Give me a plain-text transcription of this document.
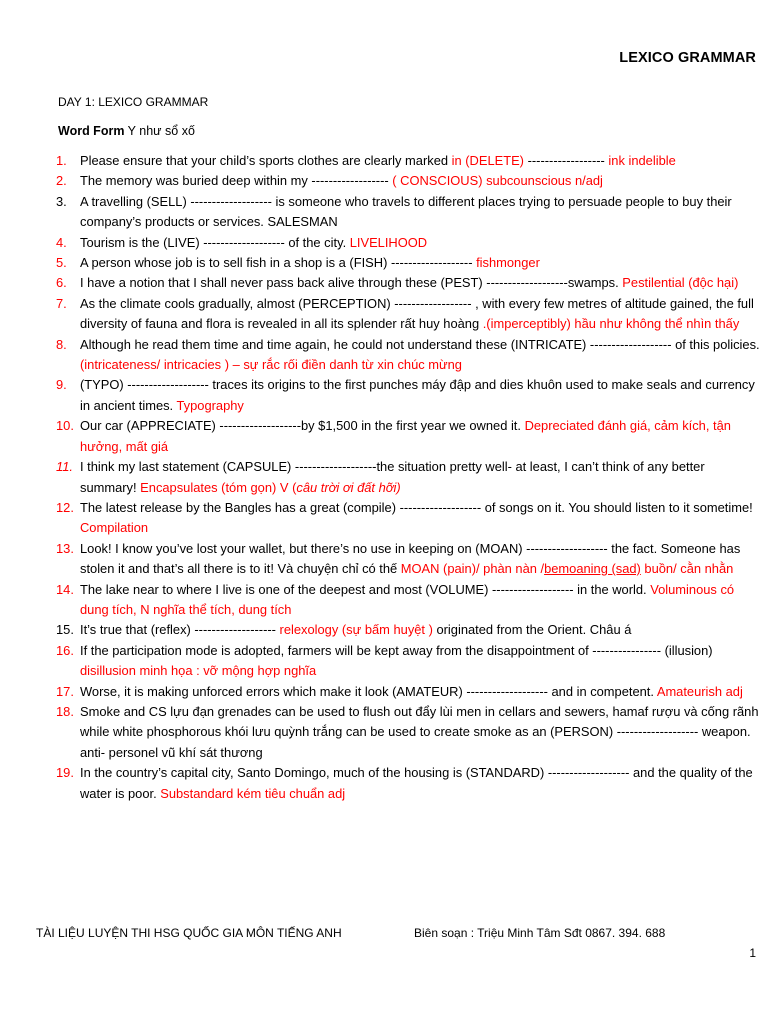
LEXICO GRAMMAR
DAY 1: LEXICO GRAMMAR
Word Form Y như sổ xố
1. Please ensure that your child’s sports clothes are clearly marked in (DELETE) ------------------ ink indelible
2. The memory was buried deep within my ------------------ ( CONSCIOUS) subcounscious n/adj
3. A travelling (SELL) ------------------- is someone who travels to different places trying to persuade people to buy their company’s products or services. SALESMAN
4. Tourism is the (LIVE) ------------------- of the city. LIVELIHOOD
5. A person whose job is to sell fish in a shop is a (FISH) ------------------- fishmonger
6. I have a notion that I shall never pass back alive through these (PEST) -------------------swamps. Pestilential (độc hại)
7. As the climate cools gradually, almost (PERCEPTION) ------------------ , with every few metres of altitude gained, the full diversity of fauna and flora is revealed in all its splender rất huy hoàng .(imperceptibly) hầu như không thể nhìn thấy
8. Although he read them time and time again, he could not understand these (INTRICATE) ------------------- of this policies. (intricateness/ intricacies ) – sự rắc rối điền danh từ xin chúc mừng
9. (TYPO) ------------------- traces its origins to the first punches máy đập and dies khuôn used to make seals and currency in ancient times. Typography
10. Our car (APPRECIATE) -------------------by $1,500 in the first year we owned it. Depreciated đánh giá, cảm kích, tận hưởng, mất giá
11. I think my last statement (CAPSULE) -------------------the situation pretty well- at least, I can’t think of any better summary! Encapsulates (tóm gọn) V (câu trời ơi đất hỡi)
12. The latest release by the Bangles has a great (compile) ------------------- of songs on it. You should listen to it sometime! Compilation
13. Look! I know you’ve lost your wallet, but there’s no use in keeping on (MOAN) ------------------- the fact. Someone has stolen it and that’s all there is to it! Và chuyện chỉ có thế MOAN (pain)/ phàn nàn /bemoaning (sad) buồn/ cằn nhằn
14. The lake near to where I live is one of the deepest and most (VOLUME) ------------------- in the world. Voluminous có dung tích, N nghĩa thể tích, dung tích
15. It’s true that (reflex) ------------------- relexology (sự bấm huyệt ) originated from the Orient. Châu á
16. If the participation mode is adopted, farmers will be kept away from the disappointment of ---------------- (illusion) disillusion minh họa : vỡ mộng hợp nghĩa
17. Worse, it is making unforced errors which make it look (AMATEUR) ------------------- and in competent. Amateurish adj
18. Smoke and CS lựu đạn grenades can be used to flush out đẩy lùi men in cellars and sewers, hamaf rượu và cống rãnh while white phosphorous khói lưu quỳnh trắng can be used to create smoke as an (PERSON) ------------------- weapon. anti- personel vũ khí sát thương
19. In the country’s capital city, Santo Domingo, much of the housing is (STANDARD) ------------------- and the quality of the water is poor. Substandard kém tiêu chuẩn adj
TÀI LIỆU LUYỆN THI HSG QUỐC GIA MÔN TIẾNG ANH	Biên soạn : Triệu Minh Tâm Sđt 0867. 394. 688
1
